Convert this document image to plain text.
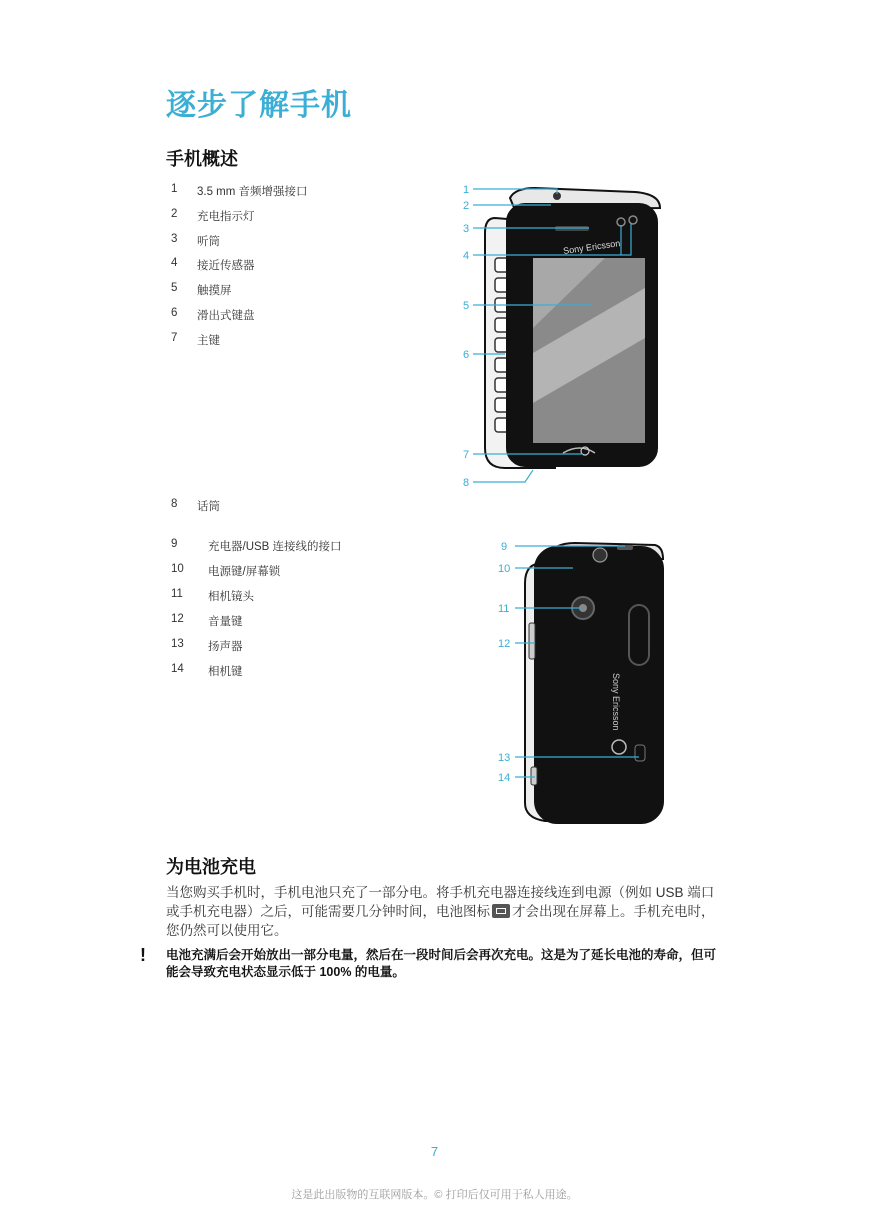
逐步了解手机
手机概述
1 3.5 mm 音频增强接口
2 充电指示灯
3 听筒
4 接近传感器
5 触摸屏
6 滑出式键盘
7 主键
8 话筒
9	充电器/USB 连接线的接口
10 电源键/屏幕锁
11 相机镜头
12 音量键
13 扬声器
14 相机键
Sony Ericsson
1
2
3
4
5
6
7
8
Sony Ericsson
9
10
11
12
13
14
为电池充电
当您购买手机时，手机电池只充了一部分电。将手机充电器连接线连到电源（例如 USB 端口或手机充电器）之后，可能需要几分钟时间，电池图标 才会出现在屏幕上。手机充电时，您仍然可以使用它。
! 电池充满后会开始放出一部分电量，然后在一段时间后会再次充电。这是为了延长电池的寿命，但可能会导致充电状态显示低于 100% 的电量。
7
这是此出版物的互联网版本。© 打印后仅可用于私人用途。
